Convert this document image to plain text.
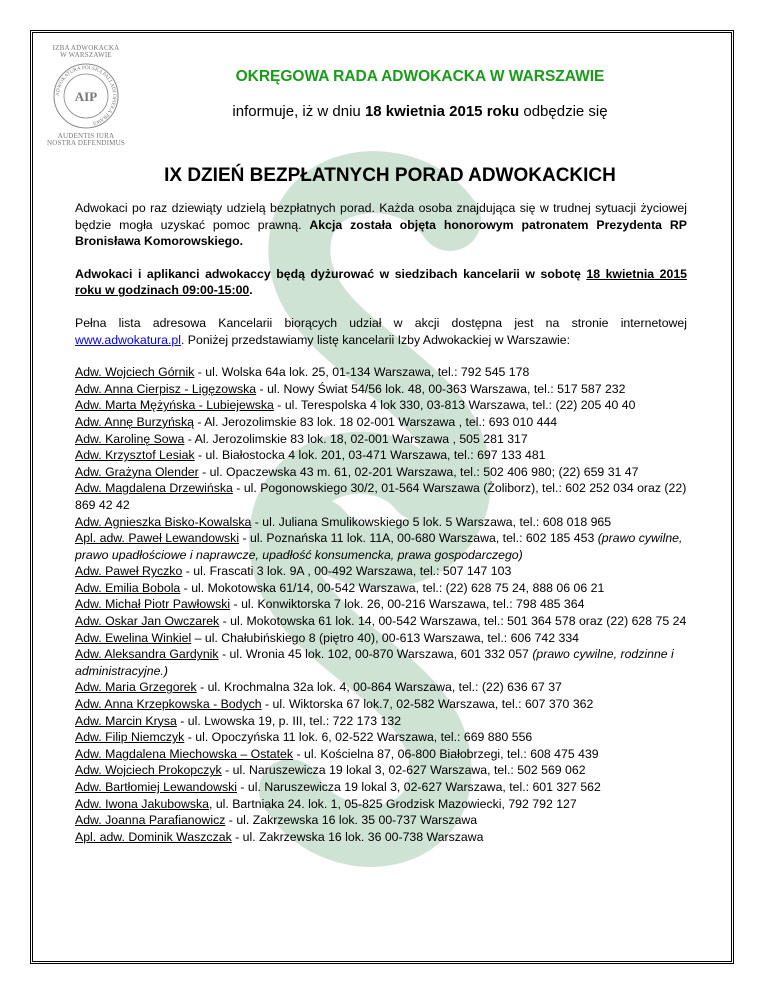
IZBA ADWOKACKA
W WARSZAWIE
ADWOKATURA POLSKA PALLADI OPIEKA PRAWA
AIP
AUDENTIS IURA
NOSTRA DEFENDIMUS
OKRĘGOWA RADA ADWOKACKA W WARSZAWIE
informuje, iż w dniu 18 kwietnia 2015 roku odbędzie się
IX DZIEŃ BEZPŁATNYCH PORAD ADWOKACKICH

Adwokaci po raz dziewiąty udzielą bezpłatnych porad. Każda osoba znajdująca się w trudnej sytuacji życiowej będzie mogła uzyskać pomoc prawną. Akcja została objęta honorowym patronatem Prezydenta RP Bronisława Komorowskiego.

Adwokaci i aplikanci adwokaccy będą dyżurować w siedzibach kancelarii w sobotę 18 kwietnia 2015 roku w godzinach 09:00-15:00.

Pełna lista adresowa Kancelarii biorących udział w akcji dostępna jest na stronie internetowej www.adwokatura.pl. Poniżej przedstawiamy listę kancelarii Izby Adwokackiej w Warszawie:

Adw. Wojciech Górnik - ul. Wolska 64a lok. 25, 01-134 Warszawa, tel.: 792 545 178

Adw. Anna Cierpisz - Ligęzowska - ul. Nowy Świat 54/56 lok. 48, 00-363 Warszawa, tel.: 517 587 232

Adw. Marta Mężyńska - Lubiejewska - ul. Terespolska 4 lok 330, 03-813 Warszawa, tel.: (22) 205 40 40

Adw. Annę Burzyńską - Al. Jerozolimskie 83 lok. 18 02-001 Warszawa , tel.: 693 010 444

Adw. Karolinę Sowa - Al. Jerozolimskie 83 lok. 18, 02-001 Warszawa , 505 281 317

Adw. Krzysztof Lesiak - ul. Białostocka 4 lok. 201, 03-471 Warszawa, tel.: 697 133 481

Adw. Grażyna Olender - ul. Opaczewska 43 m. 61, 02-201 Warszawa, tel.: 502 406 980; (22) 659 31 47

Adw. Magdalena Drzewińska - ul. Pogonowskiego 30/2, 01-564 Warszawa (Żoliborz), tel.: 602 252 034 oraz (22) 869 42 42

Adw. Agnieszka Bisko-Kowalska - ul. Juliana Smulikowskiego 5 lok. 5 Warszawa, tel.: 608 018 965

Apl. adw. Paweł Lewandowski - ul. Poznańska 11 lok. 11A, 00-680 Warszawa, tel.: 602 185 453 (prawo cywilne, prawo upadłościowe i naprawcze, upadłość konsumencka, prawa gospodarczego)

Adw. Paweł Ryczko - ul. Frascati 3 lok. 9A , 00-492 Warszawa, tel.: 507 147 103

Adw. Emilia Bobola - ul. Mokotowska 61/14, 00-542 Warszawa, tel.: (22) 628 75 24, 888 06 06 21

Adw. Michał Piotr Pawłowski - ul. Konwiktorska 7 lok. 26, 00-216 Warszawa, tel.: 798 485 364

Adw. Oskar Jan Owczarek - ul. Mokotowska 61 lok. 14, 00-542 Warszawa, tel.: 501 364 578 oraz (22) 628 75 24

Adw. Ewelina Winkiel – ul. Chałubińskiego 8 (piętro 40), 00-613 Warszawa, tel.: 606 742 334

Adw. Aleksandra Gardynik - ul. Wronia 45 lok. 102, 00-870 Warszawa, 601 332 057 (prawo cywilne, rodzinne i administracyjne.)

Adw. Maria Grzegorek - ul. Krochmalna 32a lok. 4, 00-864 Warszawa, tel.: (22) 636 67 37

Adw. Anna Krzepkowska - Bodych - ul. Wiktorska 67 lok.7, 02-582 Warszawa, tel.: 607 370 362

Adw. Marcin Krysa - ul. Lwowska 19, p. III, tel.: 722 173 132

Adw. Filip Niemczyk - ul. Opoczyńska 11 lok. 6, 02-522 Warszawa, tel.: 669 880 556

Adw. Magdalena Miechowska – Ostatek - ul. Kościelna 87, 06-800 Białobrzegi, tel.: 608 475 439

Adw. Wojciech Prokopczyk - ul. Naruszewicza 19 lokal 3, 02-627 Warszawa, tel.: 502 569 062

Adw. Bartłomiej Lewandowski - ul. Naruszewicza 19 lokal 3, 02-627 Warszawa, tel.: 601 327 562

Adw. Iwona Jakubowska, ul. Bartniaka 24. lok. 1, 05-825 Grodzisk Mazowiecki, 792 792 127

Adw. Joanna Parafianowicz - ul. Zakrzewska 16 lok. 35 00-737 Warszawa

Apl. adw. Dominik Waszczak - ul. Zakrzewska 16 lok. 36 00-738 Warszawa
